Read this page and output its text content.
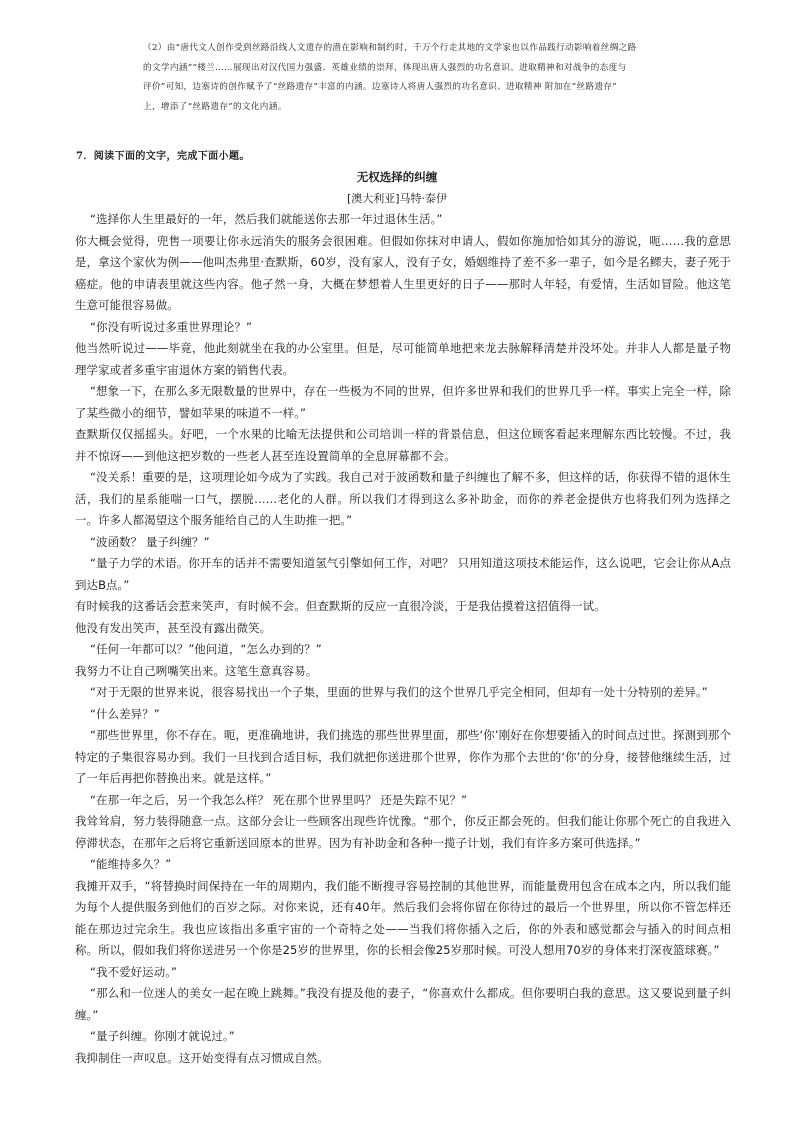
（2）由“唐代文人创作受到丝路沿线人文遗存的潜在影响和制约时，千万个行走其地的文学家也以作品践行动影响着丝绸之路

的文学内涵”“楼兰……展现出对汉代国力强盛、英雄业绩的崇拜，体现出唐人强烈的功名意识、进取精神和对战争的态度与

评价”可知，边塞诗的创作赋予了“丝路遗存”丰富的内涵。边塞诗人将唐人强烈的功名意识、进取精神 附加在“丝路遗存”

上，增添了“丝路遗存”的文化内涵。

7．阅读下面的文字，完成下面小题。
无权选择的纠缠
[澳大利亚]马特·泰伊

“选择你人生里最好的一年，然后我们就能送你去那一年过退休生活。”

你大概会觉得，兜售一项要让你永远消失的服务会很困难。但假如你抹对申请人，假如你施加恰如其分的游说，呃……我的意思是，拿这个家伙为例——他叫杰弗里·查默斯，60岁，没有家人，没有子女，婚姻维持了差不多一辈子，如今是名鳏夫，妻子死于癌症。他的申请表里就这些内容。他孑然一身，大概在梦想着人生里更好的日子——那时人年轻，有爱情，生活如冒险。他这笔生意可能很容易做。

“你没有听说过多重世界理论？”

他当然听说过——毕竟，他此刻就坐在我的办公室里。但是，尽可能简单地把来龙去脉解释清楚并没坏处。并非人人都是量子物理学家或者多重宇宙退休方案的销售代表。

“想象一下，在那么多无限数量的世界中，存在一些极为不同的世界，但许多世界和我们的世界几乎一样。事实上完全一样，除了某些微小的细节，譬如苹果的味道不一样。”

查默斯仅仅摇摇头。好吧，一个水果的比喻无法提供和公司培训一样的背景信息，但这位顾客看起来理解东西比较慢。不过，我并不惊讶——到他这把岁数的一些老人甚至连设置简单的全息屏幕都不会。

“没关系！重要的是，这项理论如今成为了实践。我自己对于波函数和量子纠缠也了解不多，但这样的话，你获得不错的退休生活，我们的星系能喘一口气，摆脱……老化的人群。所以我们才得到这么多补助金，而你的养老金提供方也将我们列为选择之一。许多人都渴望这个服务能给自己的人生助推一把。”

“波函数？ 量子纠缠？”

“量子力学的术语。你开车的话并不需要知道氢气引擎如何工作，对吧？ 只用知道这项技术能运作，这么说吧，它会让你从A点到达B点。”

有时候我的这番话会惹来笑声，有时候不会。但查默斯的反应一直很冷淡，于是我估摸着这招值得一试。

他没有发出笑声，甚至没有露出微笑。

“任何一年都可以？”他问道，“怎么办到的？”

我努力不让自己咧嘴笑出来。这笔生意真容易。

“对于无限的世界来说，很容易找出一个子集，里面的世界与我们的这个世界几乎完全相同，但却有一处十分特别的差异。”

“什么差异？”

“那些世界里，你不存在。呃，更准确地讲，我们挑选的那些世界里面，那些‘你’刚好在你想要插入的时间点过世。探测到那个特定的子集很容易办到。我们一旦找到合适目标，我们就把你送进那个世界，你作为那个去世的‘你’的分身，接替他继续生活，过了一年后再把你替换出来。就是这样。”

“在那一年之后，另一个我怎么样？ 死在那个世界里吗？ 还是失踪不见？”

我耸耸肩，努力装得随意一点。这部分会让一些顾客出现些许忧豫。“那个，你反正都会死的。但我们能让你那个死亡的自我进入停滞状态，在那年之后将它重新送回原本的世界。因为有补助金和各种一揽子计划，我们有许多方案可供选择。”

“能维持多久？”

我摊开双手，“将替换时间保持在一年的周期内，我们能不断搜寻容易控制的其他世界，而能量费用包含在成本之内，所以我们能为每个人提供服务到他们的百岁之际。对你来说，还有40年。然后我们会将你留在你待过的最后一个世界里，所以你不管怎样还能在那边过完余生。我也应该指出多重宇宙的一个奇特之处——当我们将你插入之后，你的外表和感觉都会与插入的时间点相称。所以，假如我们将你送进另一个你是25岁的世界里，你的长相会像25岁那时候。可没人想用70岁的身体来打深夜篮球赛。”

“我不爱好运动。”

“那么和一位迷人的美女一起在晚上跳舞。”我没有提及他的妻子，“你喜欢什么都成。但你要明白我的意思。这又要说到量子纠缠。”

“量子纠缠。你刚才就说过。”

我抑制住一声叹息。这开始变得有点习惯成自然。
